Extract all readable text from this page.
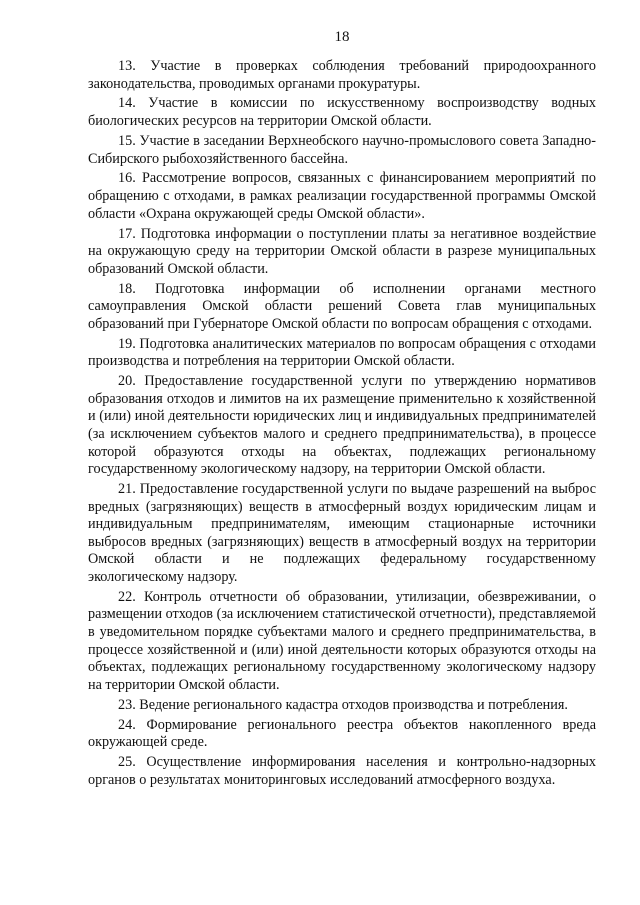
18

13. Участие в проверках соблюдения требований природоохранного законодательства, проводимых органами прокуратуры.

14. Участие в комиссии по искусственному воспроизводству водных биологических ресурсов на территории Омской области.

15. Участие в заседании Верхнеобского научно-промыслового совета Западно-Сибирского рыбохозяйственного бассейна.

16. Рассмотрение вопросов, связанных с финансированием мероприятий по обращению с отходами, в рамках реализации государственной программы Омской области «Охрана окружающей среды Омской области».

17. Подготовка информации о поступлении платы за негативное воздействие на окружающую среду на территории Омской области в разрезе муниципальных образований Омской области.

18. Подготовка информации об исполнении органами местного самоуправления Омской области решений Совета глав муниципальных образований при Губернаторе Омской области по вопросам обращения с отходами.

19. Подготовка аналитических материалов по вопросам обращения с отходами производства и потребления на территории Омской области.

20. Предоставление государственной услуги по утверждению нормативов образования отходов и лимитов на их размещение применительно к хозяйственной и (или) иной деятельности юридических лиц и индивидуальных предпринимателей (за исключением субъектов малого и среднего предпринимательства), в процессе которой образуются отходы на объектах, подлежащих региональному государственному экологическому надзору, на территории Омской области.

21. Предоставление государственной услуги по выдаче разрешений на выброс вредных (загрязняющих) веществ в атмосферный воздух юридическим лицам и индивидуальным предпринимателям, имеющим стационарные источники выбросов вредных (загрязняющих) веществ в атмосферный воздух на территории Омской области и не подлежащих федеральному государственному экологическому надзору.

22. Контроль отчетности об образовании, утилизации, обезвреживании, о размещении отходов (за исключением статистической отчетности), представляемой в уведомительном порядке субъектами малого и среднего предпринимательства, в процессе хозяйственной и (или) иной деятельности которых образуются отходы на объектах, подлежащих региональному государственному экологическому надзору на территории Омской области.

23. Ведение регионального кадастра отходов производства и потребления.

24. Формирование регионального реестра объектов накопленного вреда окружающей среде.

25. Осуществление информирования населения и контрольно-надзорных органов о результатах мониторинговых исследований атмосферного воздуха.
